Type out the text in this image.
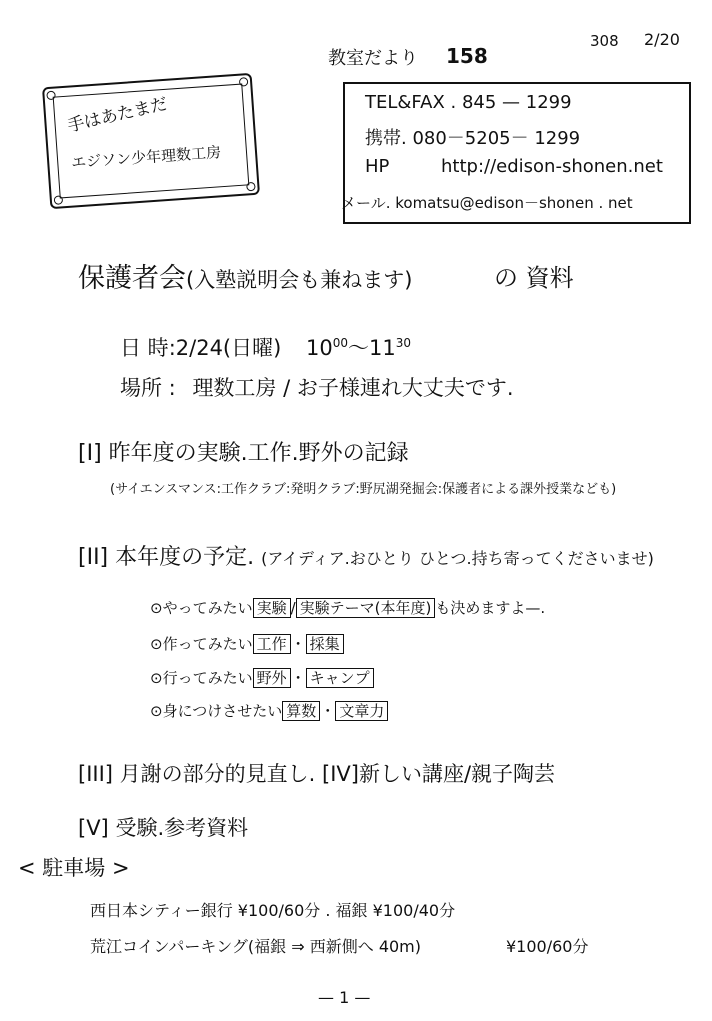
教室だより 158
308 2/20
手はあたまだ
エジソン少年理数工房
TEL&FAX . 845 — 1299
携帯. 080－5205－ 1299
HP	http://edison-shonen.net
メール. komatsu@edison－shonen . net
保護者会(入塾説明会も兼ねます)	の 資料
日 時:2/24(日曜) $10^{00}$〜$11^{30}$
場所 : 理数工房 / お子様連れ大丈夫です.
[I] 昨年度の実験.工作.野外の記録
(サイエンスマンス:工作クラブ:発明クラブ:野尻湖発掘会:保護者による課外授業なども)
[II] 本年度の予定. (アイディア.おひとり ひとつ.持ち寄ってくださいませ)
⊙やってみたい 実験 / 実験テーマ(本年度) も決めますよ—.
⊙作ってみたい 工作 ・ 採集
⊙行ってみたい 野外 ・ キャンプ
⊙身につけさせたい 算数 ・ 文章力
[III] 月謝の部分的見直し. [IV]新しい講座/親子陶芸
[V] 受験.参考資料
< 駐車場 >
西日本シティー銀行 ¥100/60分 . 福銀 ¥100/40分
荒江コインパーキング(福銀 ⇒ 西新側へ 40m)	¥100/60分
— 1 —
